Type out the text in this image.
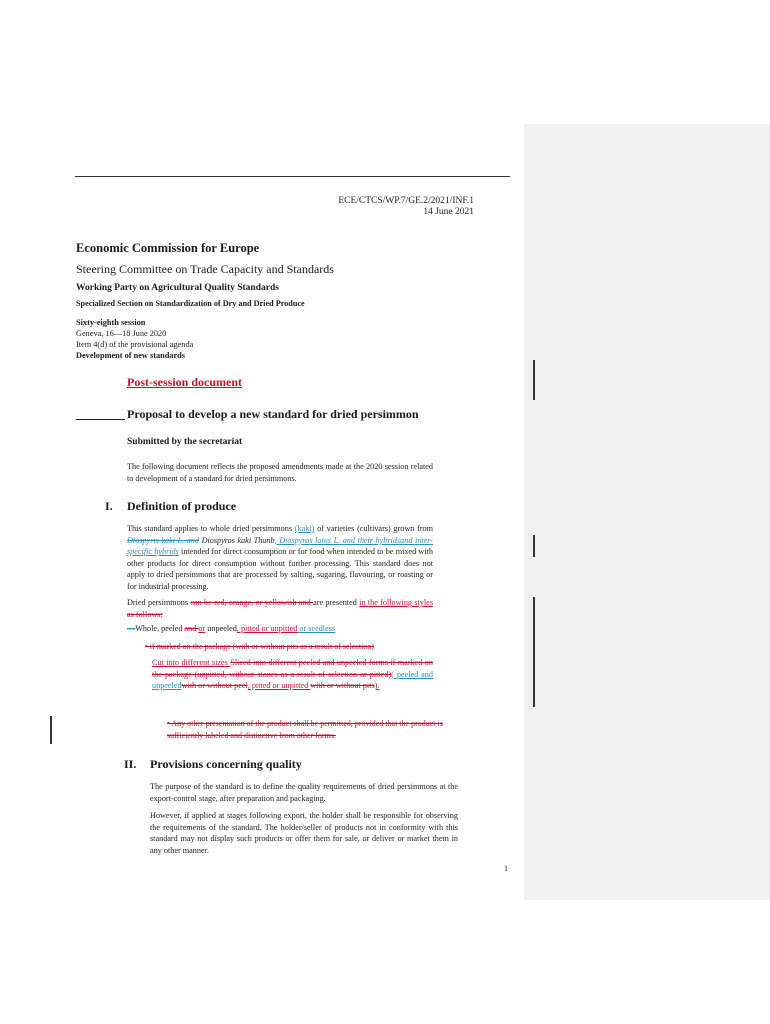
ECE/CTCS/WP.7/GE.2/2021/INF.1
14 June 2021
Economic Commission for Europe
Steering Committee on Trade Capacity and Standards
Working Party on Agricultural Quality Standards
Specialized Section on Standardization of Dry and Dried Produce
Sixty-eighth session
Geneva, 16—18 June 2020
Item 4(d) of the provisional agenda
Development of new standards
Post-session document
Proposal to develop a new standard for dried persimmon
Submitted by the secretariat
The following document reflects the proposed amendments made at the 2020 session related to development of a standard for dried persimmons.
I. Definition of produce
This standard applies to whole dried persimmons (kaki) of varieties (cultivars) grown from Diospyris kaki L. and Diospyros kaki Thunb, Diospyros lotus L. and their hybridsand inter- specific hybrids intended for direct consumption or for food when intended to be mixed with other products for direct consumption without further processing. This standard does not apply to dried persimmons that are processed by salting, sugaring, flavouring, or roasting or for industrial processing.
Dried persimmons can be red, orange, or yellowish and are presented in the following styles as follows:
—Whole, peeled and or unpeeled, pitted or unpitted or seedless
• if marked on the package (with or without pits as a result of selection)
Cut into different sizes Sliced into different peeled and unpeeled forms if marked on the package (unpitted, without stones as a result of selection or pitted)( peeled and unpeeledwith or without peel, pitted or unpitted with or without pits).
• Any other presentation of the product shall be permitted, provided that the product is sufficiently labeled and distinctive from other forms.
II. Provisions concerning quality
The purpose of the standard is to define the quality requirements of dried persimmons at the export-control stage, after preparation and packaging.
However, if applied at stages following export, the holder shall be responsible for observing the requirements of the standard. The holder/seller of products not in conformity with this standard may not display such products or offer them for sale, or deliver or market them in any other manner.
1
